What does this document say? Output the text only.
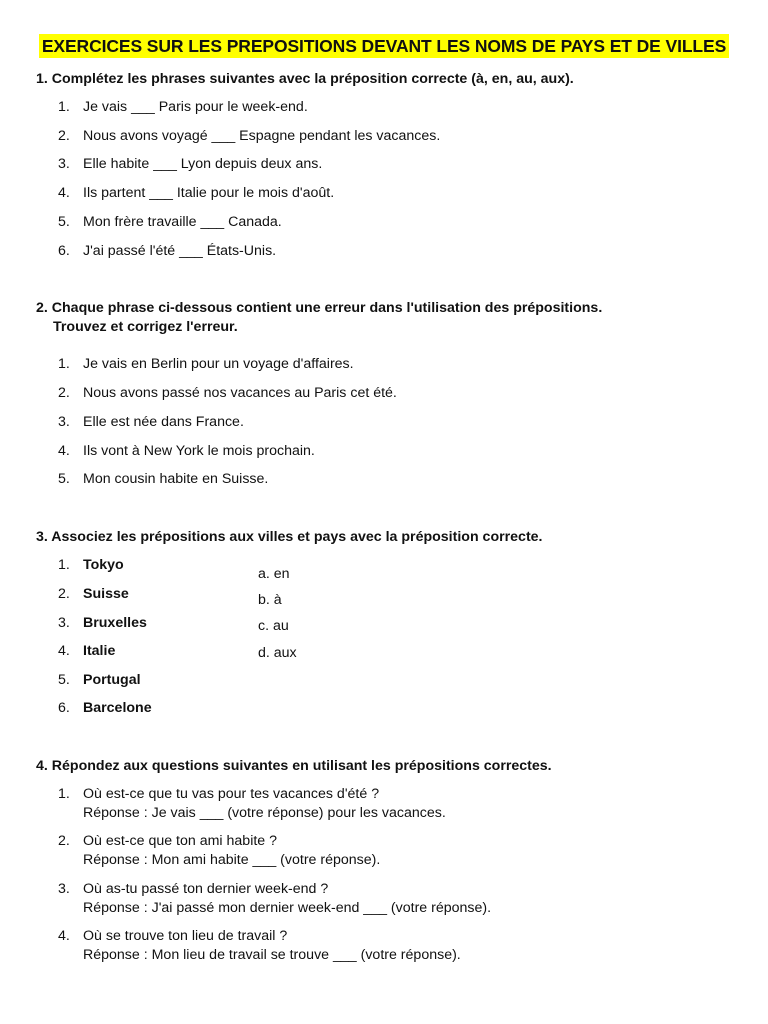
EXERCICES SUR LES PREPOSITIONS DEVANT LES NOMS DE PAYS ET DE VILLES
1. Complétez les phrases suivantes avec la préposition correcte (à, en, au, aux).
1. Je vais ___ Paris pour le week-end.
2. Nous avons voyagé ___ Espagne pendant les vacances.
3. Elle habite ___ Lyon depuis deux ans.
4. Ils partent ___ Italie pour le mois d'août.
5. Mon frère travaille ___ Canada.
6. J'ai passé l'été ___ États-Unis.
2. Chaque phrase ci-dessous contient une erreur dans l'utilisation des prépositions.
Trouvez et corrigez l'erreur.
1. Je vais en Berlin pour un voyage d'affaires.
2. Nous avons passé nos vacances au Paris cet été.
3. Elle est née dans France.
4. Ils vont à New York le mois prochain.
5. Mon cousin habite en Suisse.
3. Associez les prépositions aux villes et pays avec la préposition correcte.
1. Tokyo
2. Suisse
3. Bruxelles
4. Italie
5. Portugal
6. Barcelone
a. en
b. à
c. au
d. aux
4. Répondez aux questions suivantes en utilisant les prépositions correctes.
1. Où est-ce que tu vas pour tes vacances d'été ?
Réponse : Je vais ___ (votre réponse) pour les vacances.
2. Où est-ce que ton ami habite ?
Réponse : Mon ami habite ___ (votre réponse).
3. Où as-tu passé ton dernier week-end ?
Réponse : J'ai passé mon dernier week-end ___ (votre réponse).
4. Où se trouve ton lieu de travail ?
Réponse : Mon lieu de travail se trouve ___ (votre réponse).
